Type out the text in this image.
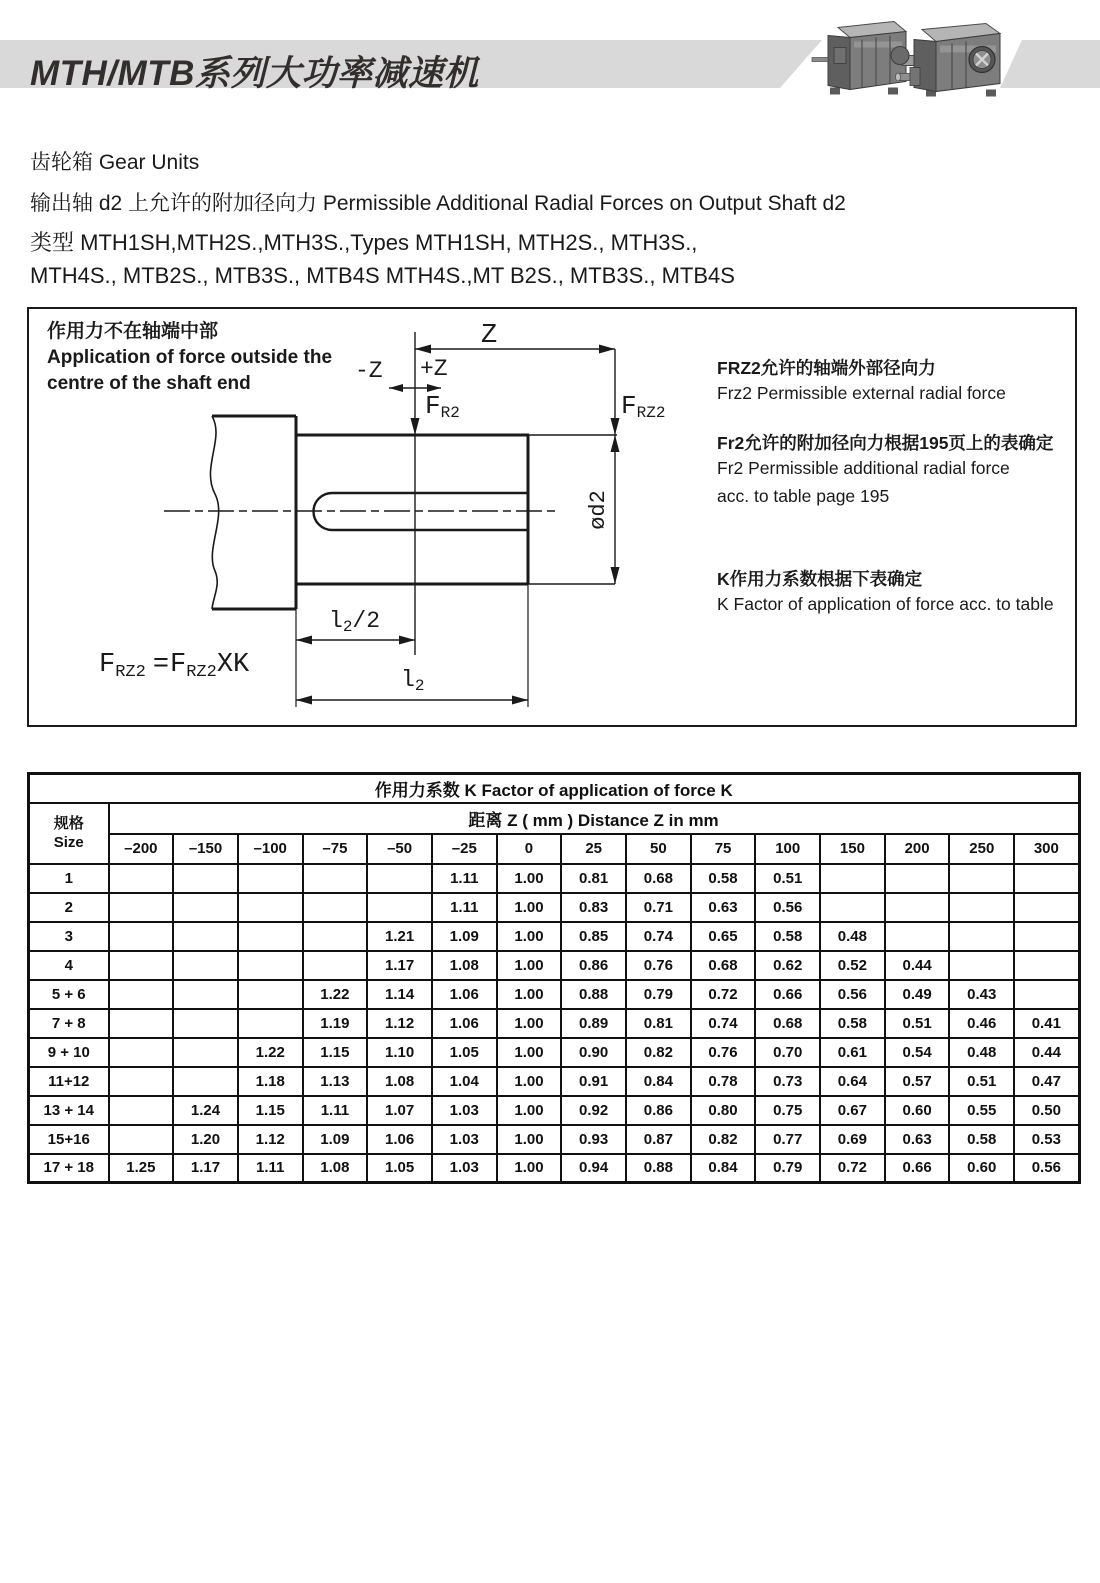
MTH/MTB系列大功率减速机
齿轮箱 Gear Units
输出轴 d2 上允许的附加径向力 Permissible Additional Radial Forces on Output Shaft d2
类型 MTH1SH,MTH2S.,MTH3S.,Types MTH1SH, MTH2S., MTH3S.,
MTH4S., MTB2S., MTB3S., MTB4S MTH4S.,MT B2S., MTB3S., MTB4S
作用力不在轴端中部
Application of force outside the
centre of the shaft end
Z
-Z +Z
FR2	FRZ2
ød2
$l_2/2$
$l_2$
$F_{RZ2} =F_{RZ2}XK$
FRZ2允许的轴端外部径向力
Frz2 Permissible external radial force
Fr2允许的附加径向力根据195页上的表确定
Fr2 Permissible additional radial force
acc. to table page 195
K作用力系数根据下表确定
K Factor of application of force acc. to table
作用力系数 K Factor of application of force K															

规格
Size	距离 Z ( mm ) Distance Z in mm														
	–200	–150	–100	–75	–50	–25	0	25	50	75	100	150	200	250	300
1						1.11	1.00	0.81	0.68	0.58	0.51				
2						1.11	1.00	0.83	0.71	0.63	0.56				
3					1.21	1.09	1.00	0.85	0.74	0.65	0.58	0.48			
4					1.17	1.08	1.00	0.86	0.76	0.68	0.62	0.52	0.44		
5 + 6				1.22	1.14	1.06	1.00	0.88	0.79	0.72	0.66	0.56	0.49	0.43	
7 + 8				1.19	1.12	1.06	1.00	0.89	0.81	0.74	0.68	0.58	0.51	0.46	0.41
9 + 10			1.22	1.15	1.10	1.05	1.00	0.90	0.82	0.76	0.70	0.61	0.54	0.48	0.44
11+12			1.18	1.13	1.08	1.04	1.00	0.91	0.84	0.78	0.73	0.64	0.57	0.51	0.47
13 + 14		1.24	1.15	1.11	1.07	1.03	1.00	0.92	0.86	0.80	0.75	0.67	0.60	0.55	0.50
15+16		1.20	1.12	1.09	1.06	1.03	1.00	0.93	0.87	0.82	0.77	0.69	0.63	0.58	0.53
17 + 18	1.25	1.17	1.11	1.08	1.05	1.03	1.00	0.94	0.88	0.84	0.79	0.72	0.66	0.60	0.56
